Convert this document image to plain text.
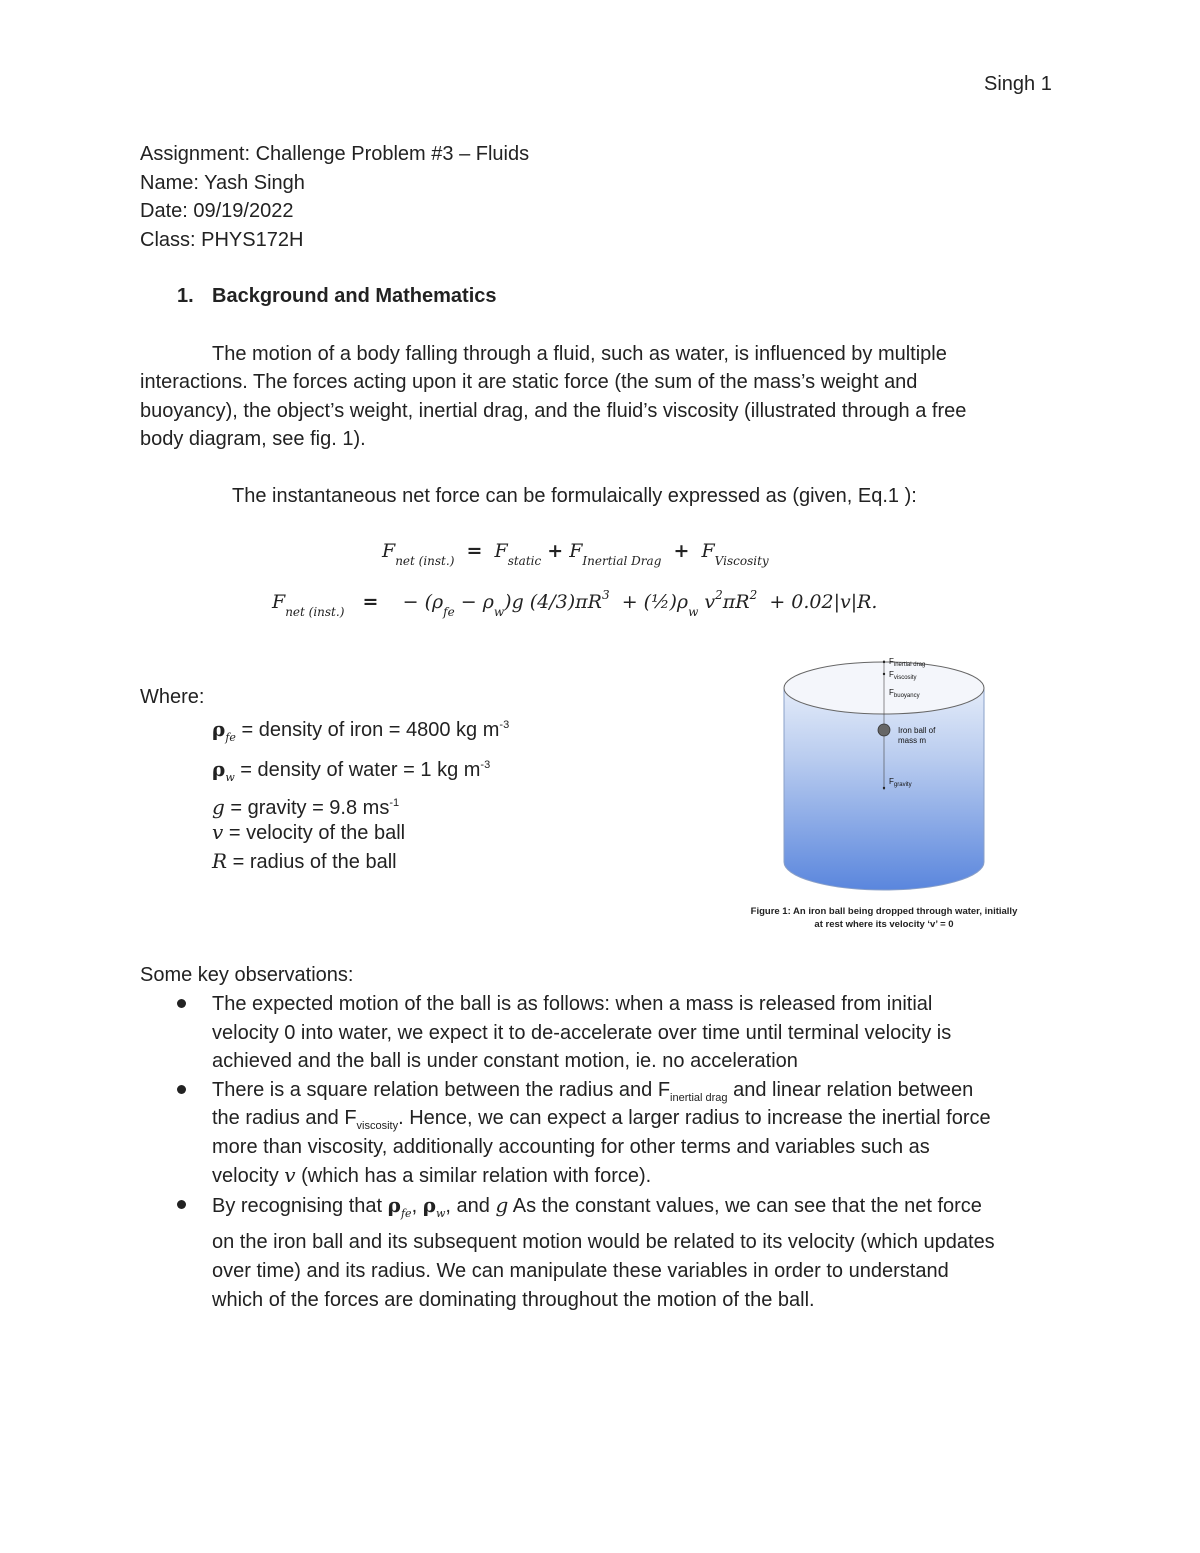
Singh 1
Assignment: Challenge Problem #3 – Fluids
Name: Yash Singh
Date: 09/19/2022
Class: PHYS172H
1. Background and Mathematics
The motion of a body falling through a fluid, such as water, is influenced by multiple
interactions. The forces acting upon it are static force (the sum of the mass’s weight and
buoyancy), the object’s weight, inertial drag, and the fluid’s viscosity (illustrated through a free
body diagram, see fig. 1).
The instantaneous net force can be formulaically expressed as (given, Eq.1 ):
$F_{net (inst.)} = F_{static} + F_{Inertial Drag} + F_{Viscosity}$
$F_{net (inst.)}$ = − $(\rho_{fe} - \rho_w)g$ $(4/3)\pi R^3$ + $(\frac{1}{2})\rho_w$ $v^2\pi R^2 + 0.02|v|R$.
Where:
$\rho_{fe}$ = density of iron = 4800 kg $m^{-3}$
$\rho_w$ = density of water = 1 kg $m^{-3}$
g = gravity = 9.8 $ms^{-1}$
v = velocity of the ball
R = radius of the ball
$F_{inertial drag}$
$F_{viscosity}$
$F_{buoyancy}$
Iron ball of
mass m
$F_{gravity}$
Figure 1: An iron ball being dropped through water, initially
at rest where its velocity ‘v’ = 0
Some key observations:
The expected motion of the ball is as follows: when a mass is released from initial
velocity 0 into water, we expect it to de-accelerate over time until terminal velocity is
achieved and the ball is under constant motion, ie. no acceleration
There is a square relation between the radius and $F_{inertial drag}$ and linear relation between
the radius and $F_{viscosity}$. Hence, we can expect a larger radius to increase the inertial force
more than viscosity, additionally accounting for other terms and variables such as
velocity v (which has a similar relation with force).
By recognising that $\rho_{fe}$, $\rho_w$, and g As the constant values, we can see that the net force
on the iron ball and its subsequent motion would be related to its velocity (which updates
over time) and its radius. We can manipulate these variables in order to understand
which of the forces are dominating throughout the motion of the ball.
